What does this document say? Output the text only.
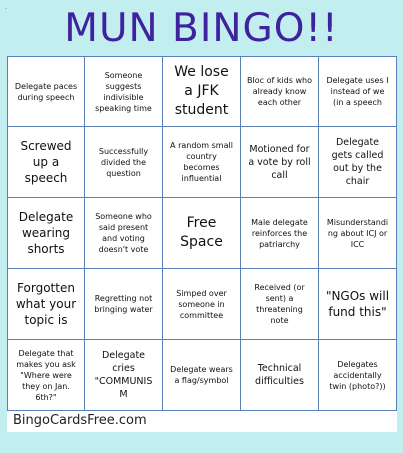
·	MUN BINGO!!
Delegate paces during speech
Someone suggests indivisible speaking time
We lose a JFK student
Bloc of kids who already know each other
Delegate uses I instead of we (in a speech
Screwed up a speech
Successfully divided the question
A random small country becomes influential
Motioned for a vote by roll call
Delegate gets called out by the chair
Delegate wearing shorts
Someone who said present and voting doesn't vote
Free Space
Male delegate reinforces the patriarchy
Misunderstanding about ICJ or ICC
Forgotten what your topic is
Regretting not bringing water
Simped over someone in committee
Received (or sent) a threatening note
"NGOs will fund this"
Delegate that makes you ask "Where were they on Jan. 6th?"
Delegate cries "COMMUNISM
Delegate wears a flag/symbol
Technical difficulties
Delegates accidentally twin (photo?))
BingoCardsFree.com
